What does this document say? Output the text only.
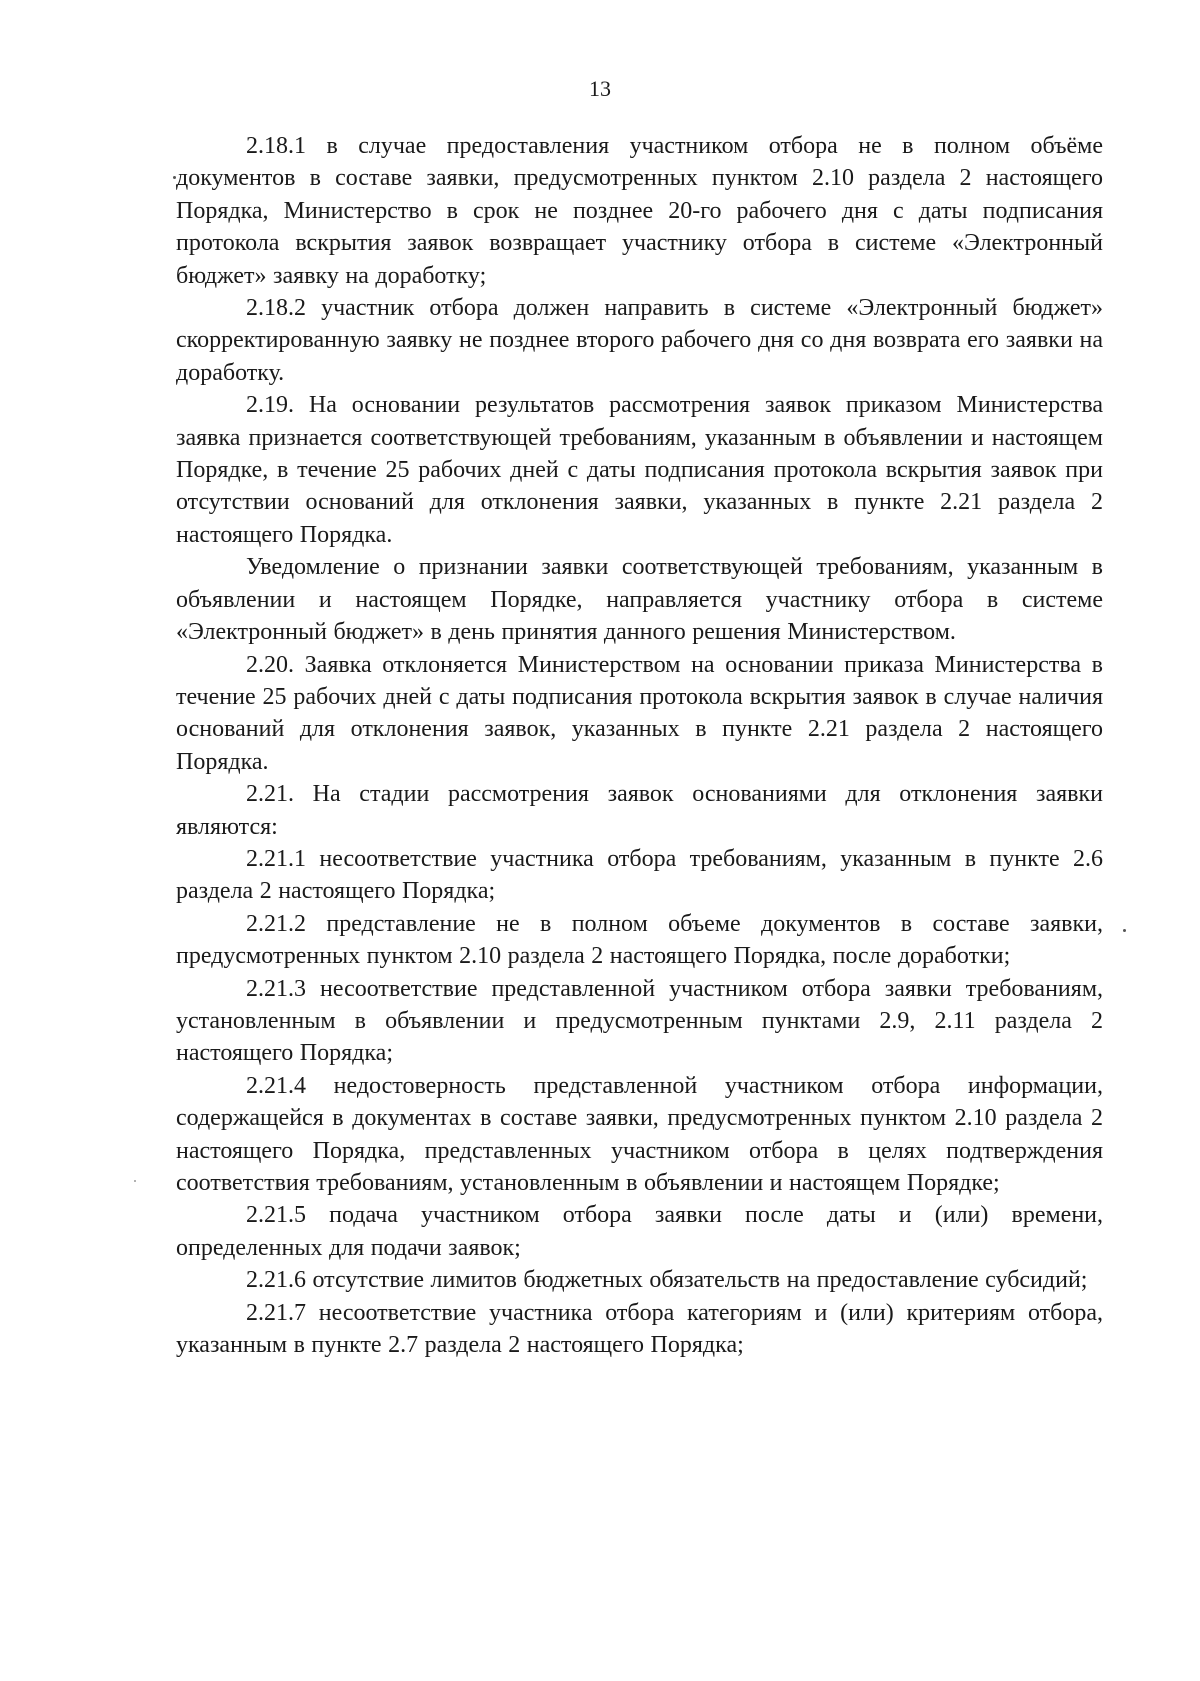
13

2.18.1 в случае предоставления участником отбора не в полном объёме документов в составе заявки, предусмотренных пунктом 2.10 раздела 2 настоящего Порядка, Министерство в срок не позднее 20-го рабочего дня с даты подписания протокола вскрытия заявок возвращает участнику отбора в системе «Электронный бюджет» заявку на доработку;

2.18.2 участник отбора должен направить в системе «Электронный бюджет» скорректированную заявку не позднее второго рабочего дня со дня возврата его заявки на доработку.

2.19. На основании результатов рассмотрения заявок приказом Министерства заявка признается соответствующей требованиям, указанным в объявлении и настоящем Порядке, в течение 25 рабочих дней с даты подписания протокола вскрытия заявок при отсутствии оснований для отклонения заявки, указанных в пункте 2.21 раздела 2 настоящего Порядка.

Уведомление о признании заявки соответствующей требованиям, указанным в объявлении и настоящем Порядке, направляется участнику отбора в системе «Электронный бюджет» в день принятия данного решения Министерством.

2.20. Заявка отклоняется Министерством на основании приказа Министерства в течение 25 рабочих дней с даты подписания протокола вскрытия заявок в случае наличия оснований для отклонения заявок, указанных в пункте 2.21 раздела 2 настоящего Порядка.

2.21. На стадии рассмотрения заявок основаниями для отклонения заявки являются:

2.21.1 несоответствие участника отбора требованиям, указанным в пункте 2.6 раздела 2 настоящего Порядка;

2.21.2 представление не в полном объеме документов в составе заявки, предусмотренных пунктом 2.10 раздела 2 настоящего Порядка, после доработки;

2.21.3 несоответствие представленной участником отбора заявки требованиям, установленным в объявлении и предусмотренным пунктами 2.9, 2.11 раздела 2 настоящего Порядка;

2.21.4 недостоверность представленной участником отбора информации, содержащейся в документах в составе заявки, предусмотренных пунктом 2.10 раздела 2 настоящего Порядка, представленных участником отбора в целях подтверждения соответствия требованиям, установленным в объявлении и настоящем Порядке;

2.21.5 подача участником отбора заявки после даты и (или) времени, определенных для подачи заявок;

2.21.6 отсутствие лимитов бюджетных обязательств на предоставление субсидий;

2.21.7 несоответствие участника отбора категориям и (или) критериям отбора, указанным в пункте 2.7 раздела 2 настоящего Порядка;
